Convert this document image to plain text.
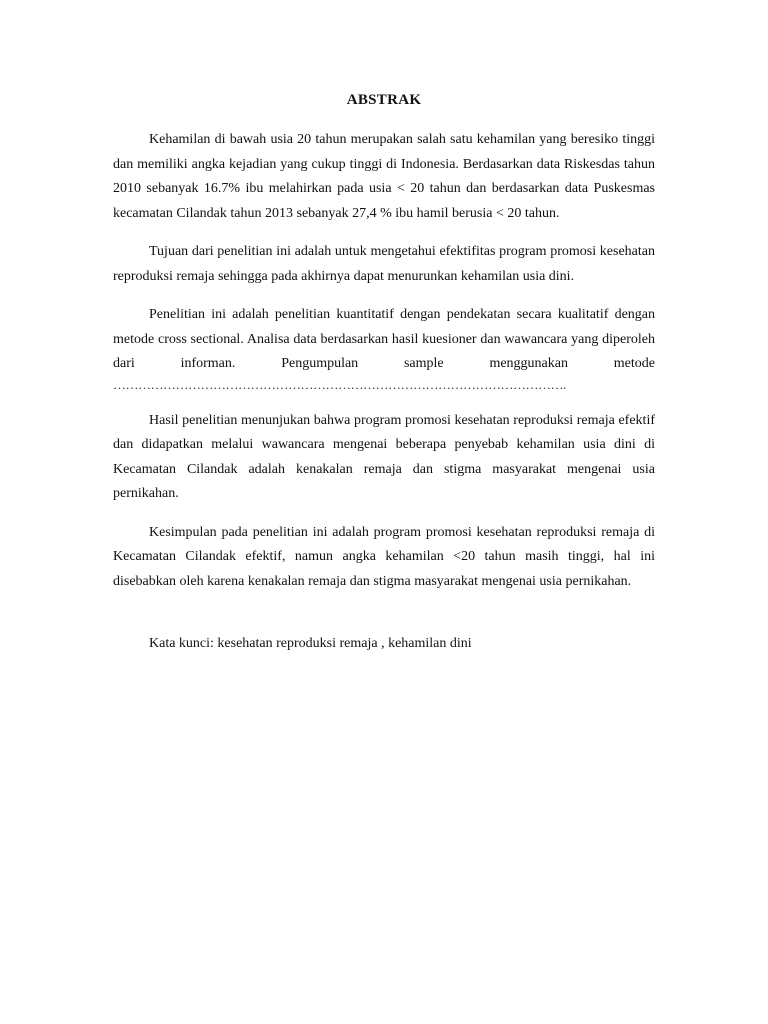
ABSTRAK

Kehamilan di bawah usia 20 tahun merupakan salah satu kehamilan yang beresiko tinggi dan memiliki angka kejadian yang cukup tinggi di Indonesia. Berdasarkan data Riskesdas tahun 2010 sebanyak 16.7% ibu melahirkan pada usia < 20 tahun dan berdasarkan data Puskesmas kecamatan Cilandak tahun 2013 sebanyak 27,4 % ibu hamil berusia < 20 tahun.

Tujuan dari penelitian ini adalah untuk mengetahui efektifitas program promosi kesehatan reproduksi remaja sehingga pada akhirnya dapat menurunkan kehamilan usia dini.

Penelitian ini adalah penelitian kuantitatif dengan pendekatan secara kualitatif dengan metode cross sectional. Analisa data berdasarkan hasil kuesioner dan wawancara yang diperoleh dari informan. Pengumpulan sample menggunakan metode

……………………………………………………………………………………………….

Hasil penelitian menunjukan bahwa program promosi kesehatan reproduksi remaja efektif dan didapatkan melalui wawancara mengenai beberapa penyebab kehamilan usia dini di Kecamatan Cilandak adalah kenakalan remaja dan stigma masyarakat mengenai usia pernikahan.

Kesimpulan pada penelitian ini adalah program promosi kesehatan reproduksi remaja di Kecamatan Cilandak efektif, namun angka kehamilan <20 tahun masih tinggi, hal ini disebabkan oleh karena kenakalan remaja dan stigma masyarakat mengenai usia pernikahan.

Kata kunci: kesehatan reproduksi remaja , kehamilan dini
